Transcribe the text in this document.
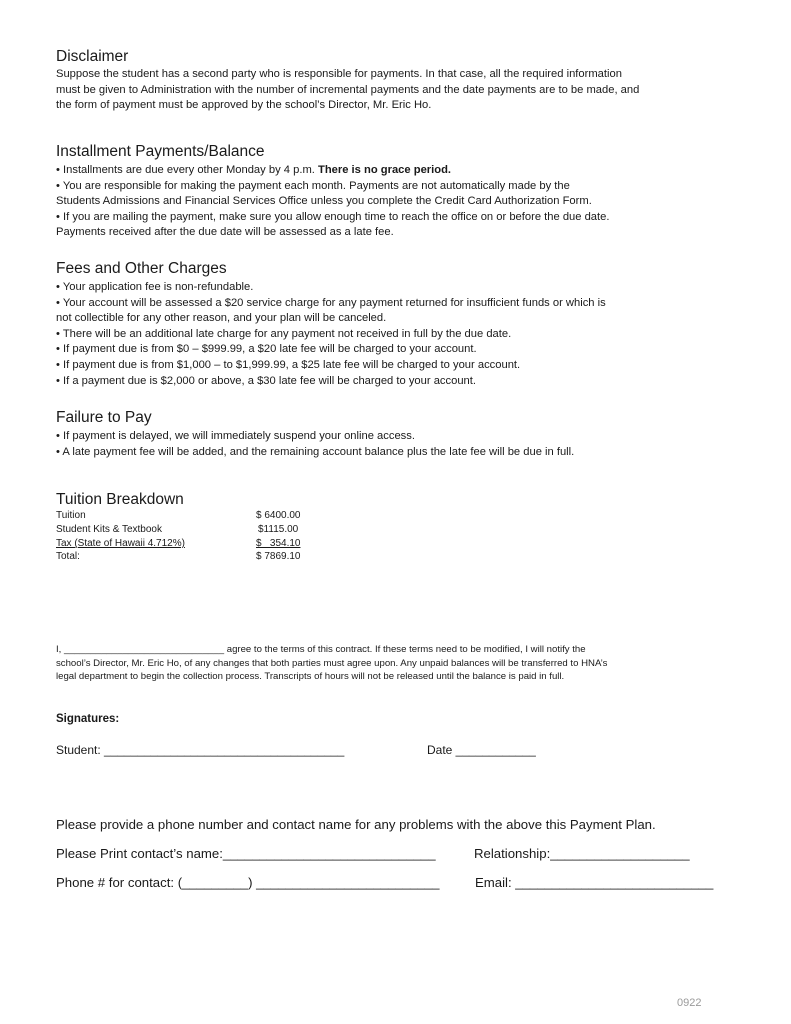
Disclaimer
Suppose the student has a second party who is responsible for payments. In that case, all the required information
must be given to Administration with the number of incremental payments and the date payments are to be made, and
the form of payment must be approved by the school’s Director, Mr. Eric Ho.
Installment Payments/Balance
• Installments are due every other Monday by 4 p.m. There is no grace period.
• You are responsible for making the payment each month. Payments are not automatically made by the
Students Admissions and Financial Services Office unless you complete the Credit Card Authorization Form.
• If you are mailing the payment, make sure you allow enough time to reach the office on or before the due date.
Payments received after the due date will be assessed as a late fee.
Fees and Other Charges
• Your application fee is non-refundable.
• Your account will be assessed a $20 service charge for any payment returned for insufficient funds or which is
not collectible for any other reason, and your plan will be canceled.
• There will be an additional late charge for any payment not received in full by the due date.
• If payment due is from $0 – $999.99, a $20 late fee will be charged to your account.
• If payment due is from $1,000 – to $1,999.99, a $25 late fee will be charged to your account.
• If a payment due is $2,000 or above, a $30 late fee will be charged to your account.
Failure to Pay
• If payment is delayed, we will immediately suspend your online access.
• A late payment fee will be added, and the remaining account balance plus the late fee will be due in full.
Tuition Breakdown
Tuition	$ 6400.00
Student Kits & Textbook	$1115.00
Tax (State of Hawaii 4.712%)	$   354.10
Total:	$ 7869.10
I, ______________________________ agree to the terms of this contract. If these terms need to be modified, I will notify the
school’s Director, Mr. Eric Ho, of any changes that both parties must agree upon. Any unpaid balances will be transferred to HNA’s
legal department to begin the collection process. Transcripts of hours will not be released until the balance is paid in full.
Signatures:
Student: ____________________________________	Date ____________
Please provide a phone number and contact name for any problems with the above this Payment Plan.
Please Print contact’s name:_____________________________	Relationship:___________________
Phone # for contact: (_________) _________________________	Email: ___________________________
0922
